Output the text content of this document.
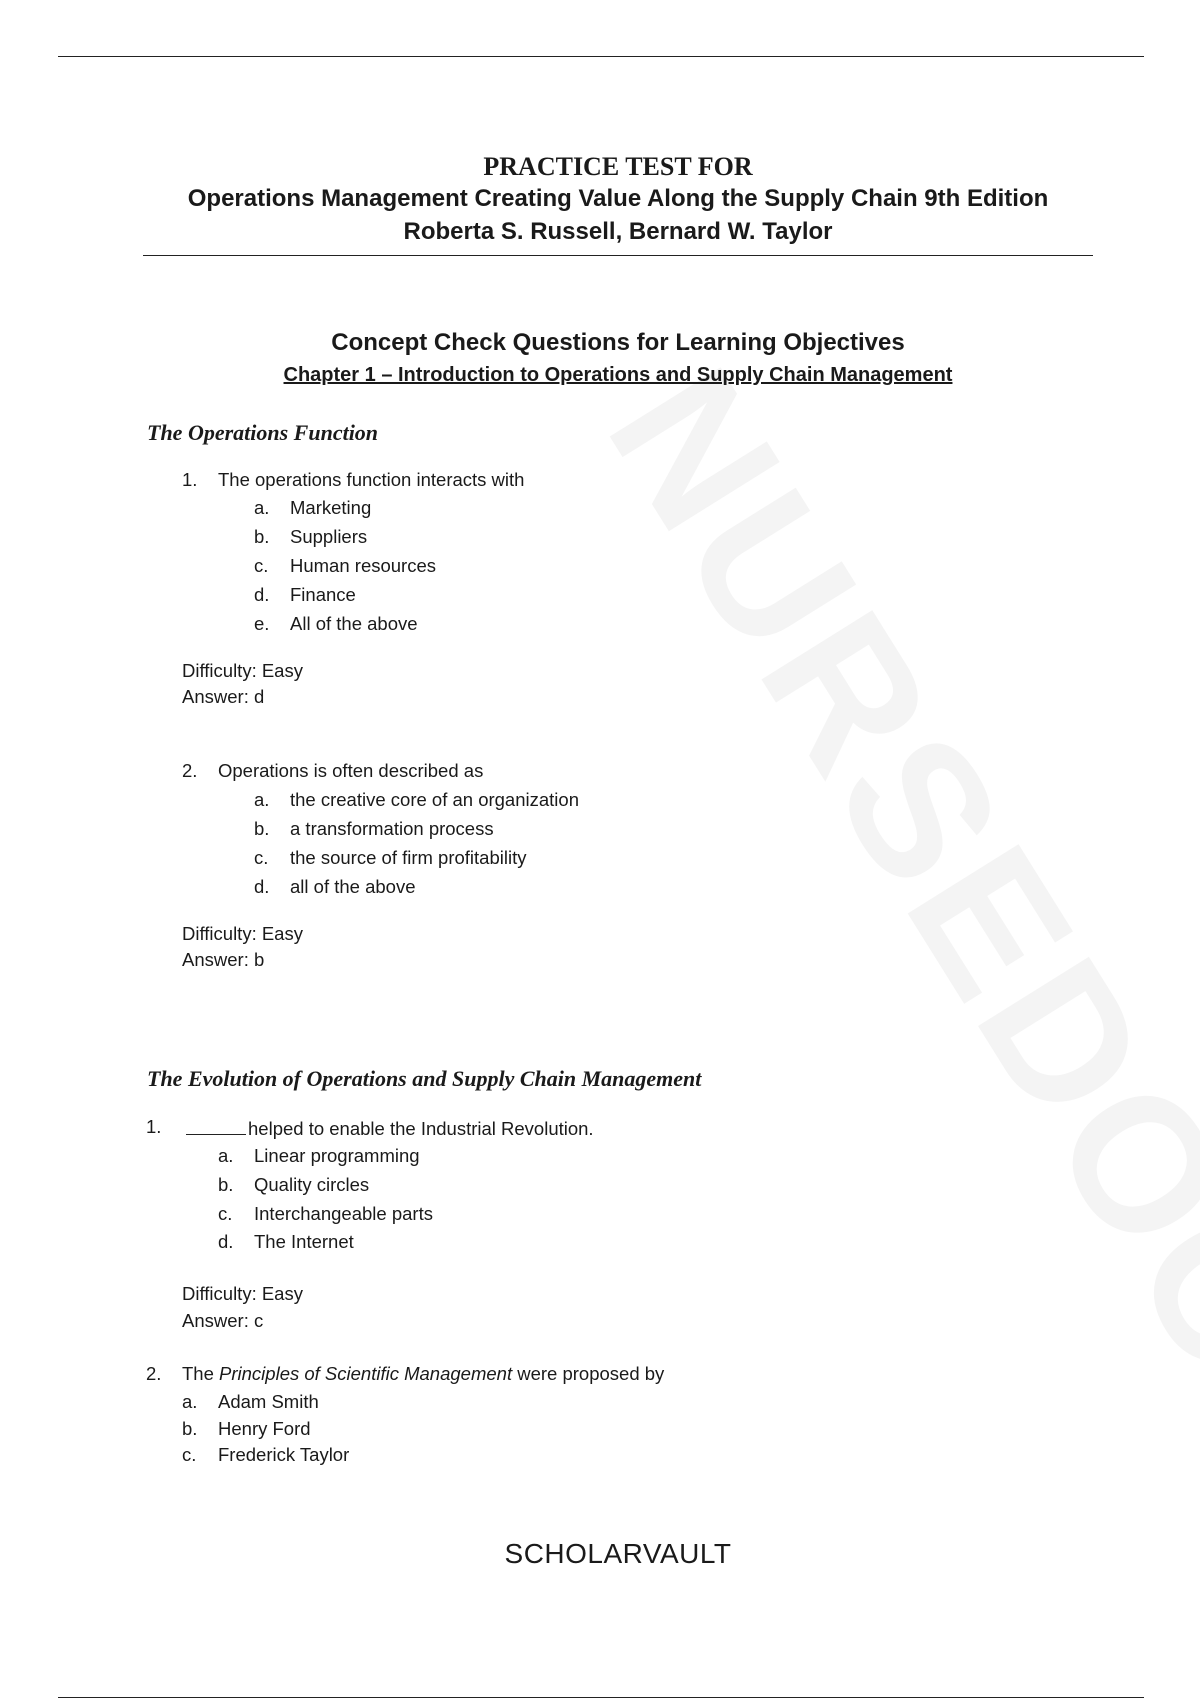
PRACTICE TEST FOR
Operations Management Creating Value Along the Supply Chain 9th Edition
Roberta S. Russell, Bernard W. Taylor
Concept Check Questions for Learning Objectives
Chapter 1 – Introduction to Operations and Supply Chain Management
The Operations Function
1. The operations function interacts with
a. Marketing
b. Suppliers
c. Human resources
d. Finance
e. All of the above
Difficulty: Easy
Answer: d
2. Operations is often described as
a. the creative core of an organization
b. a transformation process
c. the source of firm profitability
d. all of the above
Difficulty: Easy
Answer: b
The Evolution of Operations and Supply Chain Management
1.	helped to enable the Industrial Revolution.
a. Linear programming
b. Quality circles
c. Interchangeable parts
d. The Internet
Difficulty: Easy
Answer: c
2. The Principles of Scientific Management were proposed by
a. Adam Smith
b. Henry Ford
c. Frederick Taylor
SCHOLARVAULT
